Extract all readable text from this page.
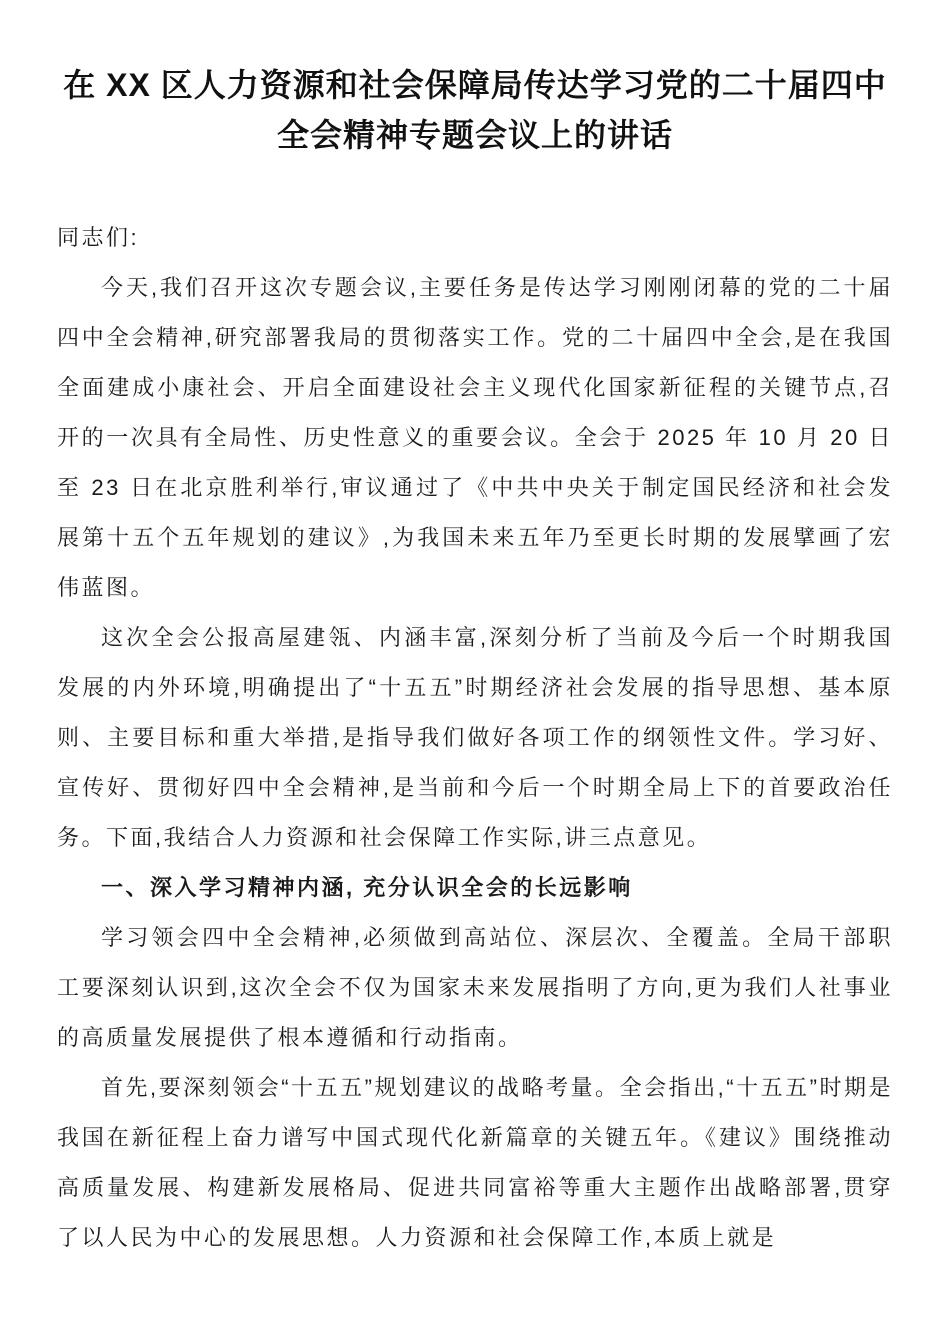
在 XX 区人力资源和社会保障局传达学习党的二十届四中全会精神专题会议上的讲话

同志们:

今天,我们召开这次专题会议,主要任务是传达学习刚刚闭幕的党的二十届四中全会精神,研究部署我局的贯彻落实工作。党的二十届四中全会,是在我国全面建成小康社会、开启全面建设社会主义现代化国家新征程的关键节点,召开的一次具有全局性、历史性意义的重要会议。全会于 2025 年 10 月 20 日至 23 日在北京胜利举行,审议通过了《中共中央关于制定国民经济和社会发展第十五个五年规划的建议》,为我国未来五年乃至更长时期的发展擘画了宏伟蓝图。

这次全会公报高屋建瓴、内涵丰富,深刻分析了当前及今后一个时期我国发展的内外环境,明确提出了“十五五”时期经济社会发展的指导思想、基本原则、主要目标和重大举措,是指导我们做好各项工作的纲领性文件。学习好、宣传好、贯彻好四中全会精神,是当前和今后一个时期全局上下的首要政治任务。下面,我结合人力资源和社会保障工作实际,讲三点意见。

一、深入学习精神内涵, 充分认识全会的长远影响

学习领会四中全会精神,必须做到高站位、深层次、全覆盖。全局干部职工要深刻认识到,这次全会不仅为国家未来发展指明了方向,更为我们人社事业的高质量发展提供了根本遵循和行动指南。

首先,要深刻领会“十五五”规划建议的战略考量。全会指出,“十五五”时期是我国在新征程上奋力谱写中国式现代化新篇章的关键五年。《建议》围绕推动高质量发展、构建新发展格局、促进共同富裕等重大主题作出战略部署,贯穿了以人民为中心的发展思想。人力资源和社会保障工作,本质上就是
